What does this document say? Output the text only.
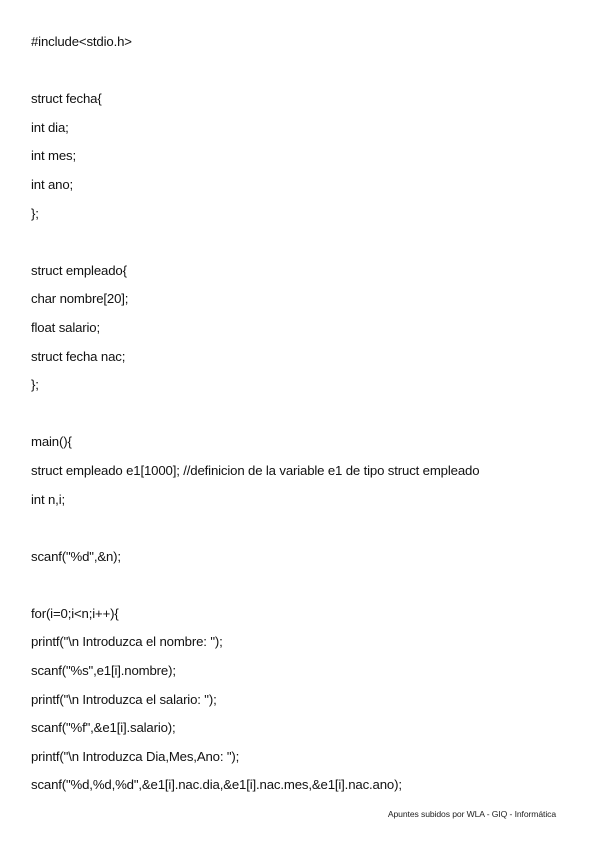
#include<stdio.h>
struct fecha{
int dia;
int mes;
int ano;
};
struct empleado{
char nombre[20];
float salario;
struct fecha nac;
};
main(){
struct empleado e1[1000]; //definicion de la variable e1 de tipo struct empleado
int n,i;
scanf("%d",&n);
for(i=0;i<n;i++){
printf("\n Introduzca el nombre: ");
scanf("%s",e1[i].nombre);
printf("\n Introduzca el salario: ");
scanf("%f",&e1[i].salario);
printf("\n Introduzca Dia,Mes,Ano: ");
scanf("%d,%d,%d",&e1[i].nac.dia,&e1[i].nac.mes,&e1[i].nac.ano);
Apuntes subidos por WLA - GIQ - Informática
